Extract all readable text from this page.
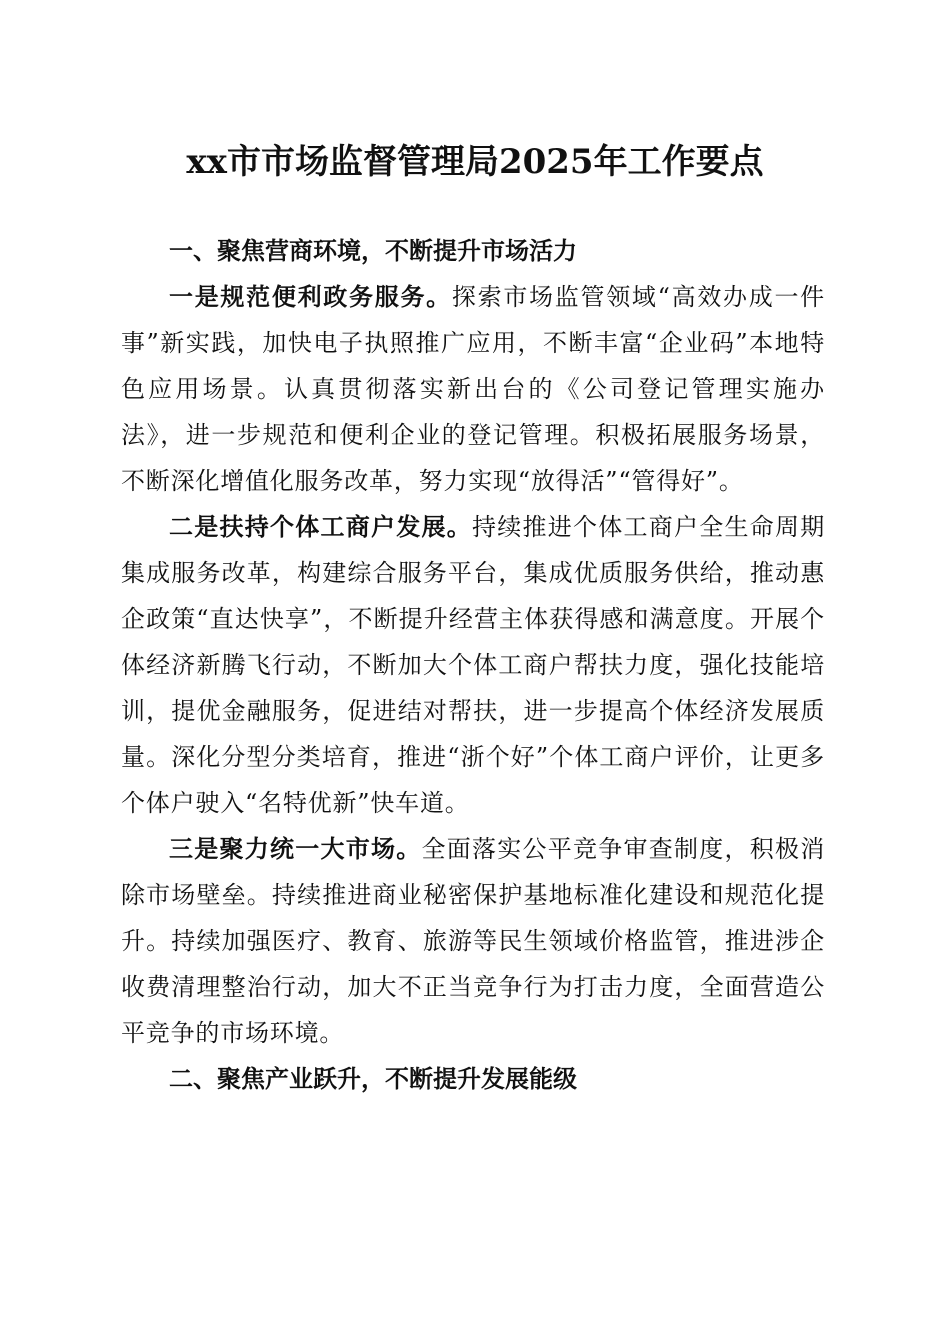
xx市市场监督管理局2025年工作要点
一、聚焦营商环境，不断提升市场活力

一是规范便利政务服务。探索市场监管领域“高效办成一件事”新实践，加快电子执照推广应用，不断丰富“企业码”本地特色应用场景。认真贯彻落实新出台的《公司登记管理实施办法》，进一步规范和便利企业的登记管理。积极拓展服务场景，不断深化增值化服务改革，努力实现“放得活”“管得好”。

二是扶持个体工商户发展。持续推进个体工商户全生命周期集成服务改革，构建综合服务平台，集成优质服务供给，推动惠企政策“直达快享”，不断提升经营主体获得感和满意度。开展个体经济新腾飞行动，不断加大个体工商户帮扶力度，强化技能培训，提优金融服务，促进结对帮扶，进一步提高个体经济发展质量。深化分型分类培育，推进“浙个好”个体工商户评价，让更多个体户驶入“名特优新”快车道。

三是聚力统一大市场。全面落实公平竞争审查制度，积极消除市场壁垒。持续推进商业秘密保护基地标准化建设和规范化提升。持续加强医疗、教育、旅游等民生领域价格监管，推进涉企收费清理整治行动，加大不正当竞争行为打击力度，全面营造公平竞争的市场环境。

二、聚焦产业跃升，不断提升发展能级
